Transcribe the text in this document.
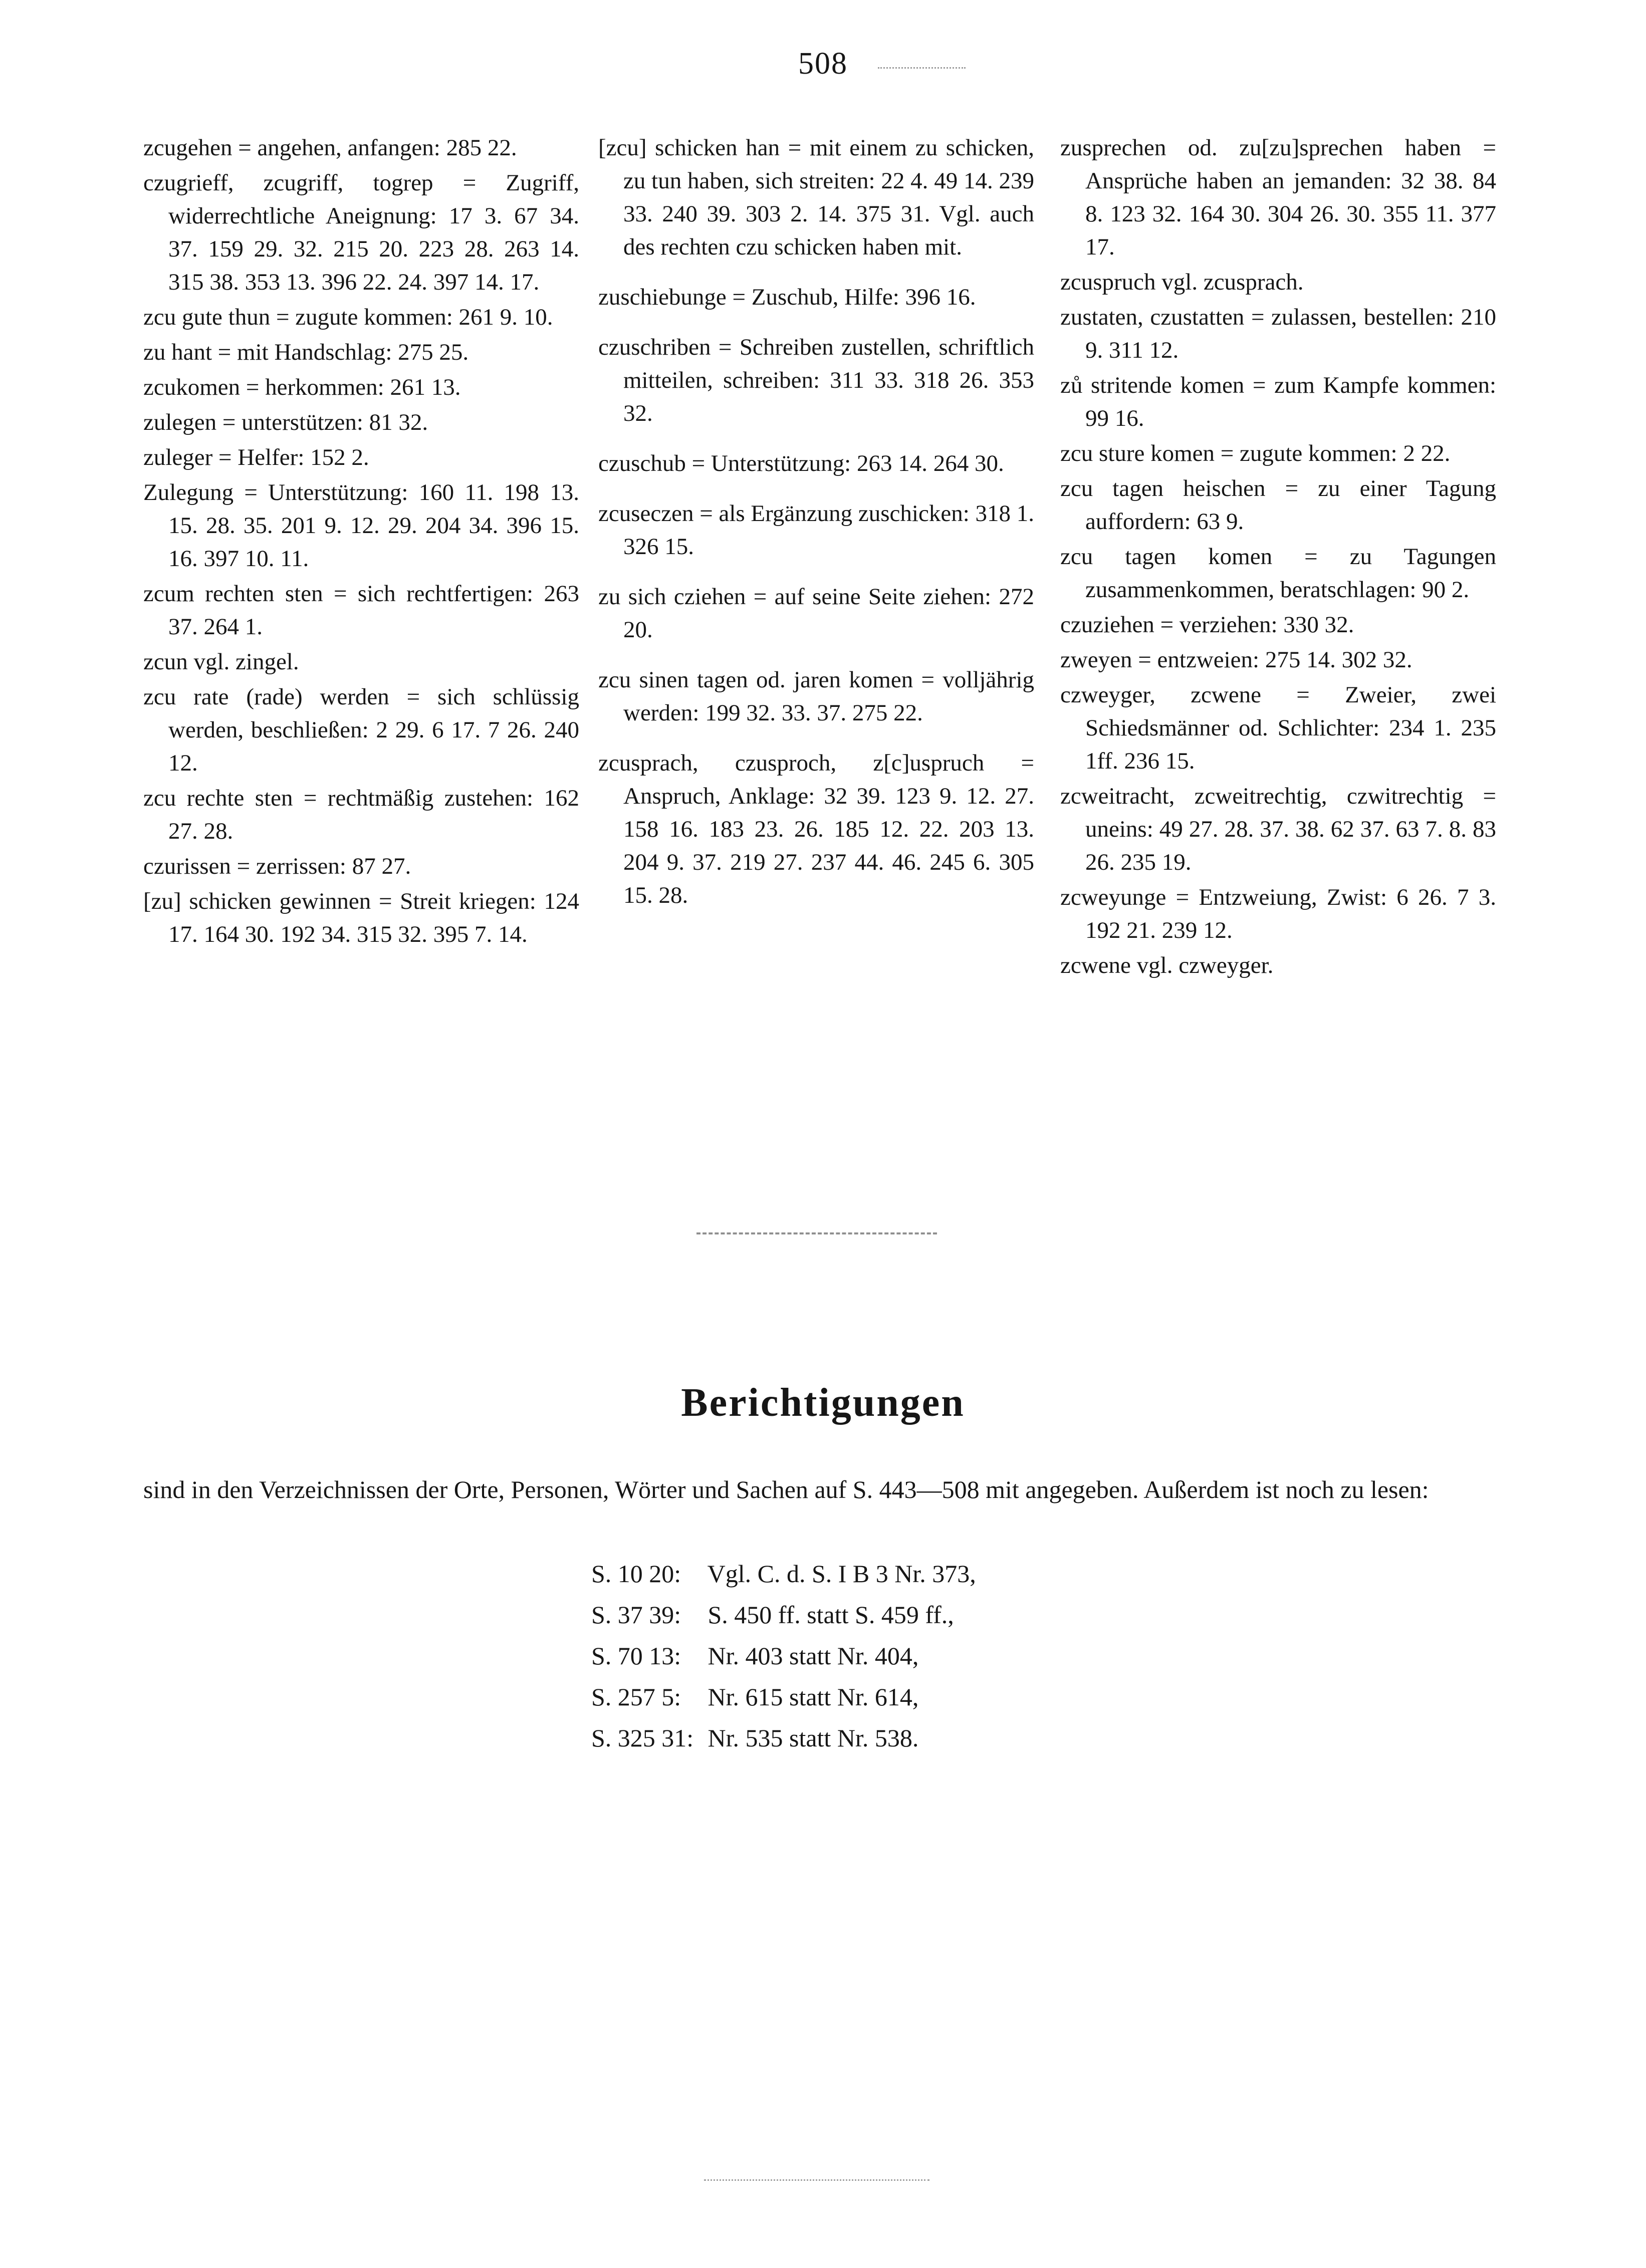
508
zcugehen = angehen, anfangen: 285 22.
czugrieff, zcugriff, togrep = Zugriff, widerrechtliche Aneignung: 17 3. 67 34. 37. 159 29. 32. 215 20. 223 28. 263 14. 315 38. 353 13. 396 22. 24. 397 14. 17.
zcu gute thun = zugute kommen: 261 9. 10.
zu hant = mit Handschlag: 275 25.
zcukomen = herkommen: 261 13.
zulegen = unterstützen: 81 32.
zuleger = Helfer: 152 2.
Zulegung = Unterstützung: 160 11. 198 13. 15. 28. 35. 201 9. 12. 29. 204 34. 396 15. 16. 397 10. 11.
zcum rechten sten = sich rechtfertigen: 263 37. 264 1.
zcun vgl. zingel.
zcu rate (rade) werden = sich schlüssig werden, beschließen: 2 29. 6 17. 7 26. 240 12.
zcu rechte sten = rechtmäßig zustehen: 162 27. 28.
czurissen = zerrissen: 87 27.
[zu] schicken gewinnen = Streit kriegen: 124 17. 164 30. 192 34. 315 32. 395 7. 14.
[zcu] schicken han = mit einem zu schicken, zu tun haben, sich streiten: 22 4. 49 14. 239 33. 240 39. 303 2. 14. 375 31. Vgl. auch des rechten czu schicken haben mit.
zuschiebunge = Zuschub, Hilfe: 396 16.
czuschriben = Schreiben zustellen, schriftlich mitteilen, schreiben: 311 33. 318 26. 353 32.
czuschub = Unterstützung: 263 14. 264 30.
zcuseczen = als Ergänzung zuschicken: 318 1. 326 15.
zu sich cziehen = auf seine Seite ziehen: 272 20.
zcu sinen tagen od. jaren komen = volljährig werden: 199 32. 33. 37. 275 22.
zcusprach, czusproch, z[c]uspruch = Anspruch, Anklage: 32 39. 123 9. 12. 27. 158 16. 183 23. 26. 185 12. 22. 203 13. 204 9. 37. 219 27. 237 44. 46. 245 6. 305 15. 28.
zusprechen od. zu[zu]sprechen haben = Ansprüche haben an jemanden: 32 38. 84 8. 123 32. 164 30. 304 26. 30. 355 11. 377 17.
zcuspruch vgl. zcusprach.
zustaten, czustatten = zulassen, bestellen: 210 9. 311 12.
zů stritende komen = zum Kampfe kommen: 99 16.
zcu sture komen = zugute kommen: 2 22.
zcu tagen heischen = zu einer Tagung auffordern: 63 9.
zcu tagen komen = zu Tagungen zusammenkommen, beratschlagen: 90 2.
czuziehen = verziehen: 330 32.
zweyen = entzweien: 275 14. 302 32.
czweyger, zcwene = Zweier, zwei Schiedsmänner od. Schlichter: 234 1. 235 1ff. 236 15.
zcweitracht, zcweitrechtig, czwitrechtig = uneins: 49 27. 28. 37. 38. 62 37. 63 7. 8. 83 26. 235 19.
zcweyunge = Entzweiung, Zwist: 6 26. 7 3. 192 21. 239 12.
zcwene vgl. czweyger.
Berichtigungen
sind in den Verzeichnissen der Orte, Personen, Wörter und Sachen auf S. 443—508 mit angegeben. Außerdem ist noch zu lesen:
S. 10 20: Vgl. C. d. S. I B 3 Nr. 373,
S. 37 39: S. 450 ff. statt S. 459 ff.,
S. 70 13: Nr. 403 statt Nr. 404,
S. 257 5: Nr. 615 statt Nr. 614,
S. 325 31: Nr. 535 statt Nr. 538.
